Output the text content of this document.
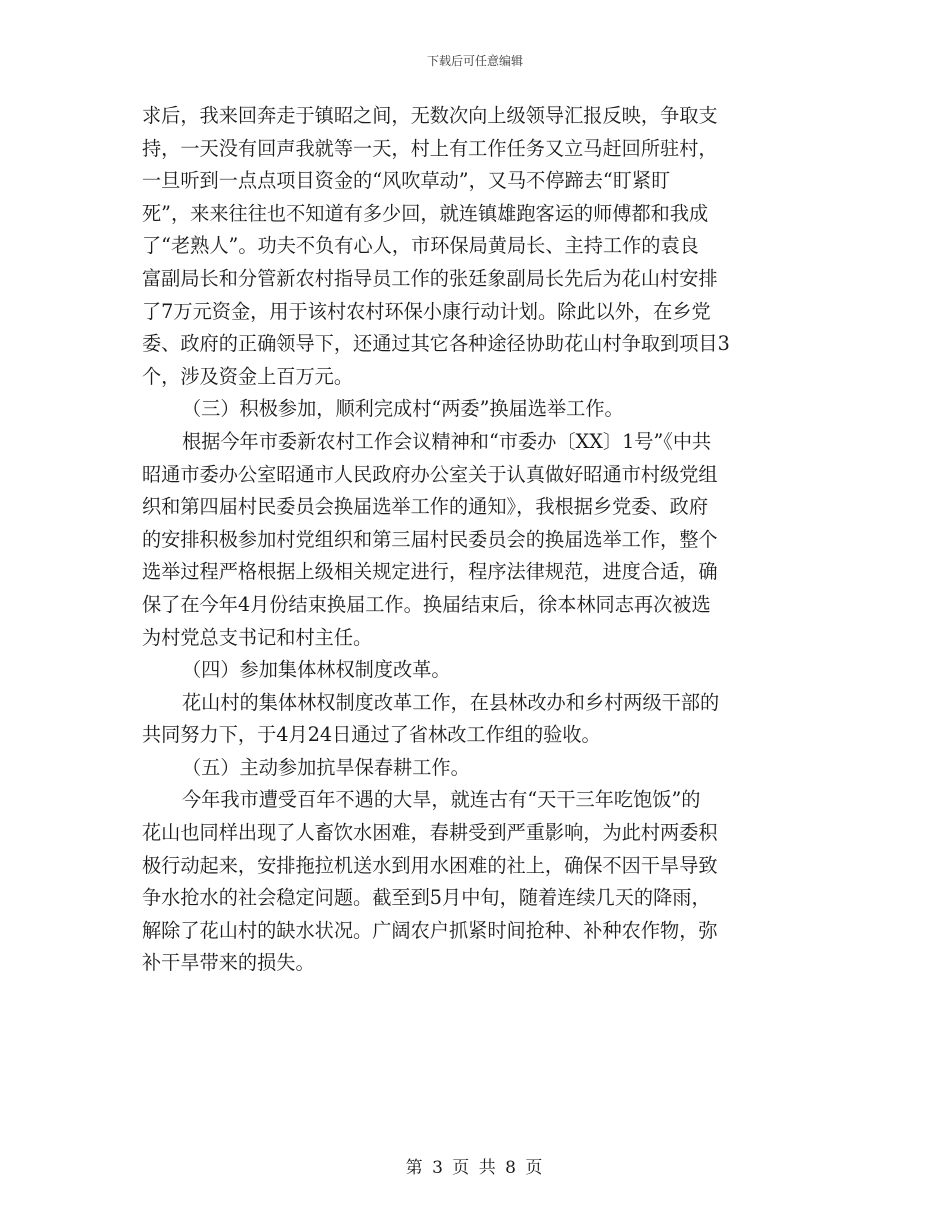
下载后可任意编辑
求后，我来回奔走于镇昭之间，无数次向上级领导汇报反映，争取支
持，一天没有回声我就等一天，村上有工作任务又立马赶回所驻村，
一旦听到一点点项目资金的“风吹草动”，又马不停蹄去“盯紧盯
死”，来来往往也不知道有多少回，就连镇雄跑客运的师傅都和我成
了“老熟人”。功夫不负有心人，市环保局黄局长、主持工作的袁良
富副局长和分管新农村指导员工作的张廷象副局长先后为花山村安排
了7万元资金，用于该村农村环保小康行动计划。除此以外，在乡党
委、政府的正确领导下，还通过其它各种途径协助花山村争取到项目3
个，涉及资金上百万元。
（三）积极参加，顺利完成村“两委”换届选举工作。
根据今年市委新农村工作会议精神和“市委办〔XX〕1号”《中共
昭通市委办公室昭通市人民政府办公室关于认真做好昭通市村级党组
织和第四届村民委员会换届选举工作的通知》，我根据乡党委、政府
的安排积极参加村党组织和第三届村民委员会的换届选举工作，整个
选举过程严格根据上级相关规定进行，程序法律规范，进度合适，确
保了在今年4月份结束换届工作。换届结束后，徐本林同志再次被选
为村党总支书记和村主任。
（四）参加集体林权制度改革。
花山村的集体林权制度改革工作，在县林改办和乡村两级干部的
共同努力下，于4月24日通过了省林改工作组的验收。
（五）主动参加抗旱保春耕工作。
今年我市遭受百年不遇的大旱，就连古有“天干三年吃饱饭”的
花山也同样出现了人畜饮水困难，春耕受到严重影响，为此村两委积
极行动起来，安排拖拉机送水到用水困难的社上，确保不因干旱导致
争水抢水的社会稳定问题。截至到5月中旬，随着连续几天的降雨，
解除了花山村的缺水状况。广阔农户抓紧时间抢种、补种农作物，弥
补干旱带来的损失。
第 3 页 共 8 页
